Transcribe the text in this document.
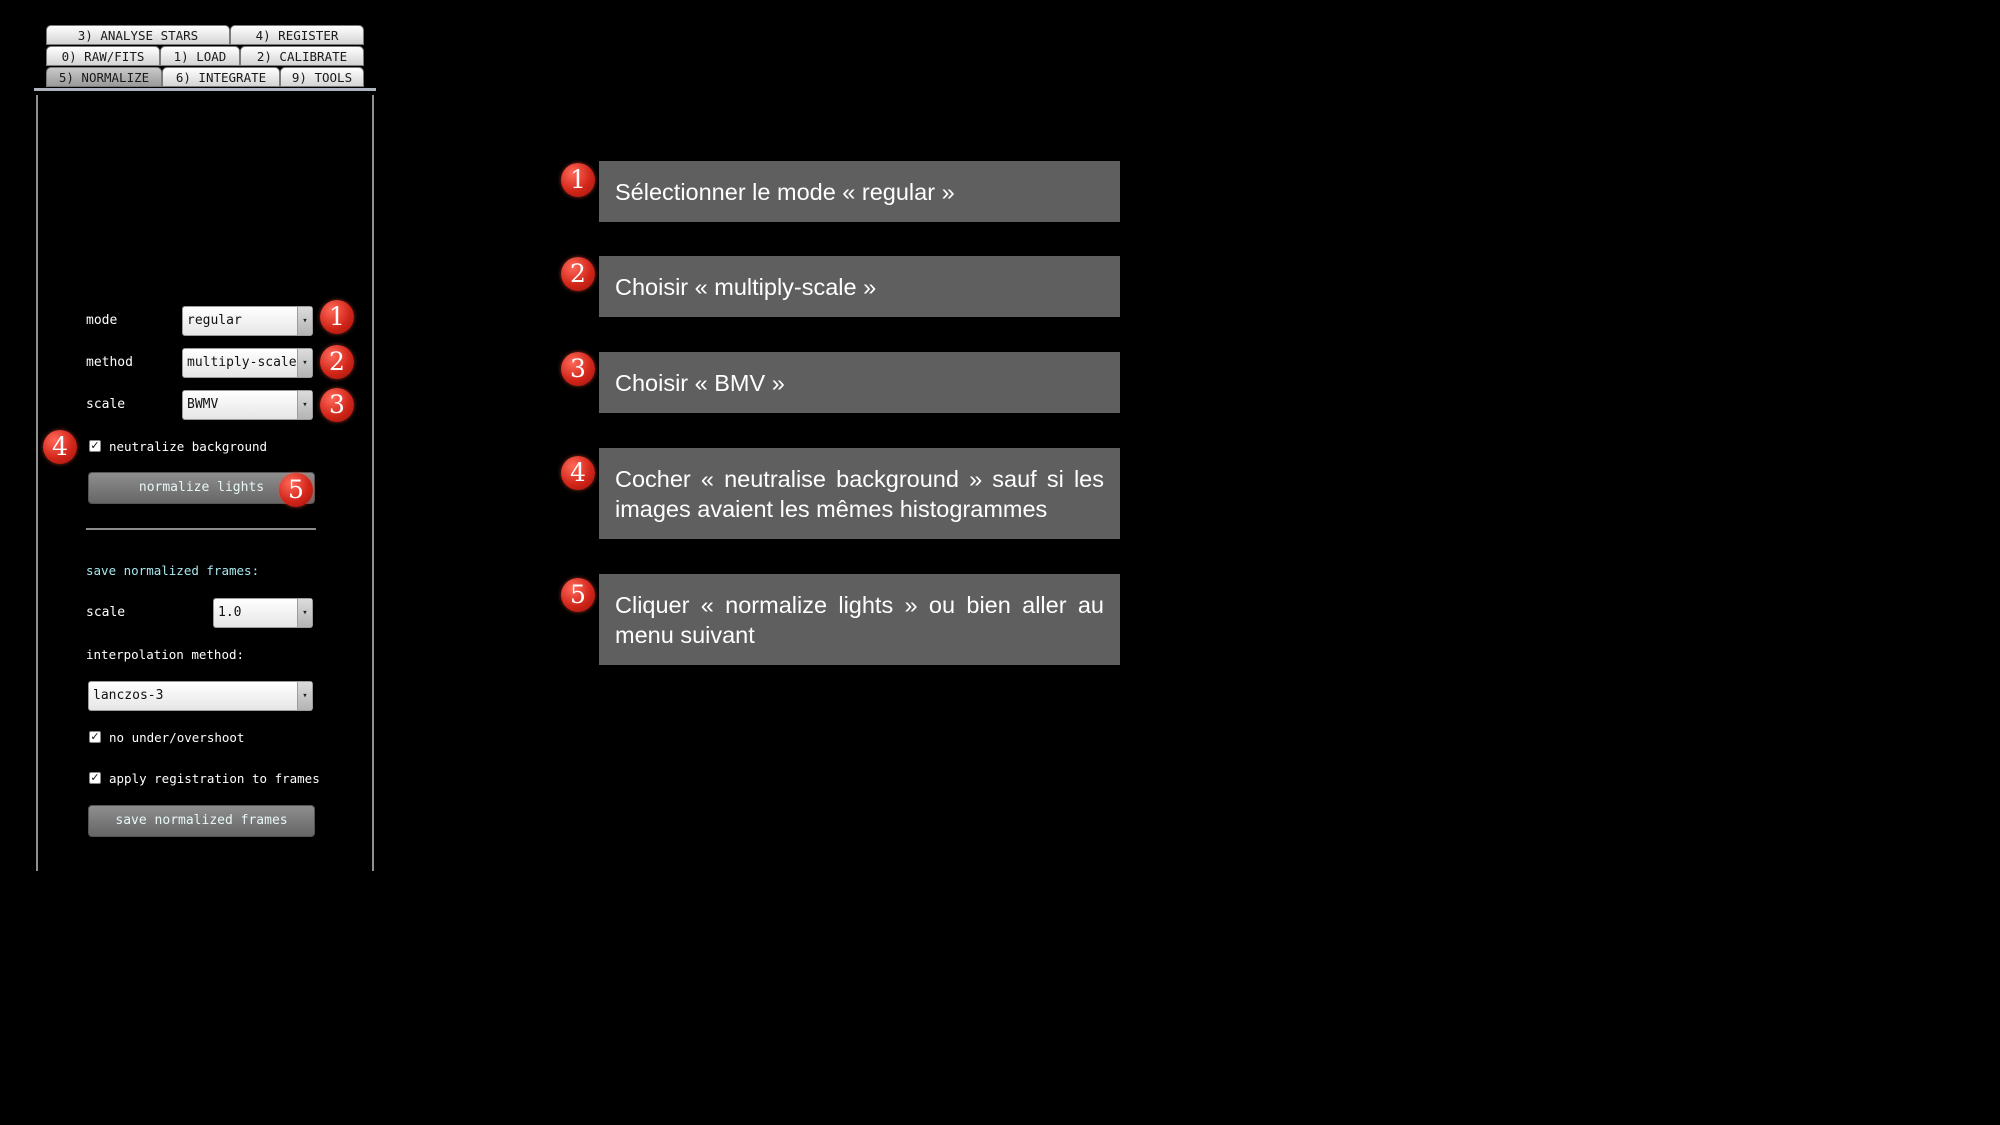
3) ANALYSE STARS	4) REGISTER
0) RAW/FITS	1) LOAD	2) CALIBRATE
5) NORMALIZE	6) INTEGRATE	9) TOOLS
mode	regular	▾
method	multiply-scale ▾
scale	BWMV	▾
✓ neutralize background
normalize lights
save normalized frames:
scale	1.0	▾
interpolation method:
lanczos-3	▾
✓ no under/overshoot
✓ apply registration to frames
save normalized frames
1
2
3
4
5
1
2
3
4
5
Sélectionner le mode « regular »
Choisir « multiply-scale »
Choisir « BMV »
Cocher « neutralise background » sauf si les images avaient les mêmes histogrammes
Cliquer « normalize lights » ou bien aller au menu suivant
